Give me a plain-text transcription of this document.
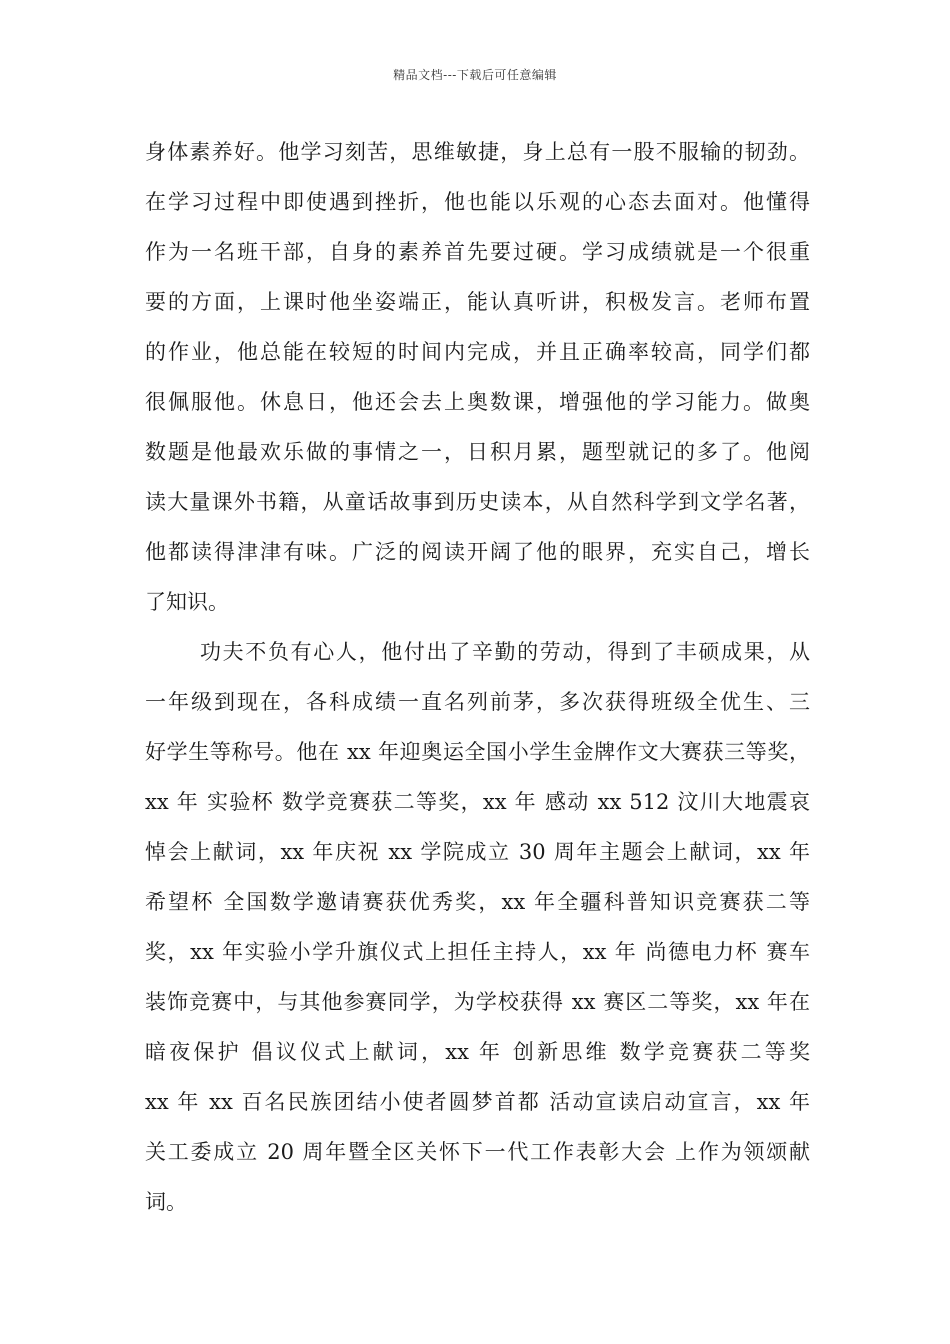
精品文档---下载后可任意编辑
身体素养好。他学习刻苦，思维敏捷，身上总有一股不服输的韧劲。
在学习过程中即使遇到挫折，他也能以乐观的心态去面对。他懂得
作为一名班干部，自身的素养首先要过硬。学习成绩就是一个很重
要的方面，上课时他坐姿端正，能认真听讲，积极发言。老师布置
的作业，他总能在较短的时间内完成，并且正确率较高，同学们都
很佩服他。休息日，他还会去上奥数课，增强他的学习能力。做奥
数题是他最欢乐做的事情之一，日积月累，题型就记的多了。他阅
读大量课外书籍，从童话故事到历史读本，从自然科学到文学名著，
他都读得津津有味。广泛的阅读开阔了他的眼界，充实自己，增长
了知识。
功夫不负有心人，他付出了辛勤的劳动，得到了丰硕成果，从
一年级到现在，各科成绩一直名列前茅，多次获得班级全优生、三
好学生等称号。他在 xx 年迎奥运全国小学生金牌作文大赛获三等奖，
xx 年 实验杯 数学竞赛获二等奖，xx 年 感动 xx 512 汶川大地震哀
悼会上献词，xx 年庆祝 xx 学院成立 30 周年主题会上献词，xx 年
希望杯 全国数学邀请赛获优秀奖，xx 年全疆科普知识竞赛获二等
奖，xx 年实验小学升旗仪式上担任主持人，xx 年 尚德电力杯 赛车
装饰竞赛中，与其他参赛同学，为学校获得 xx 赛区二等奖，xx 年在
暗夜保护 倡议仪式上献词，xx 年 创新思维 数学竞赛获二等奖
xx 年 xx 百名民族团结小使者圆梦首都 活动宣读启动宣言，xx 年
关工委成立 20 周年暨全区关怀下一代工作表彰大会 上作为领颂献
词。
